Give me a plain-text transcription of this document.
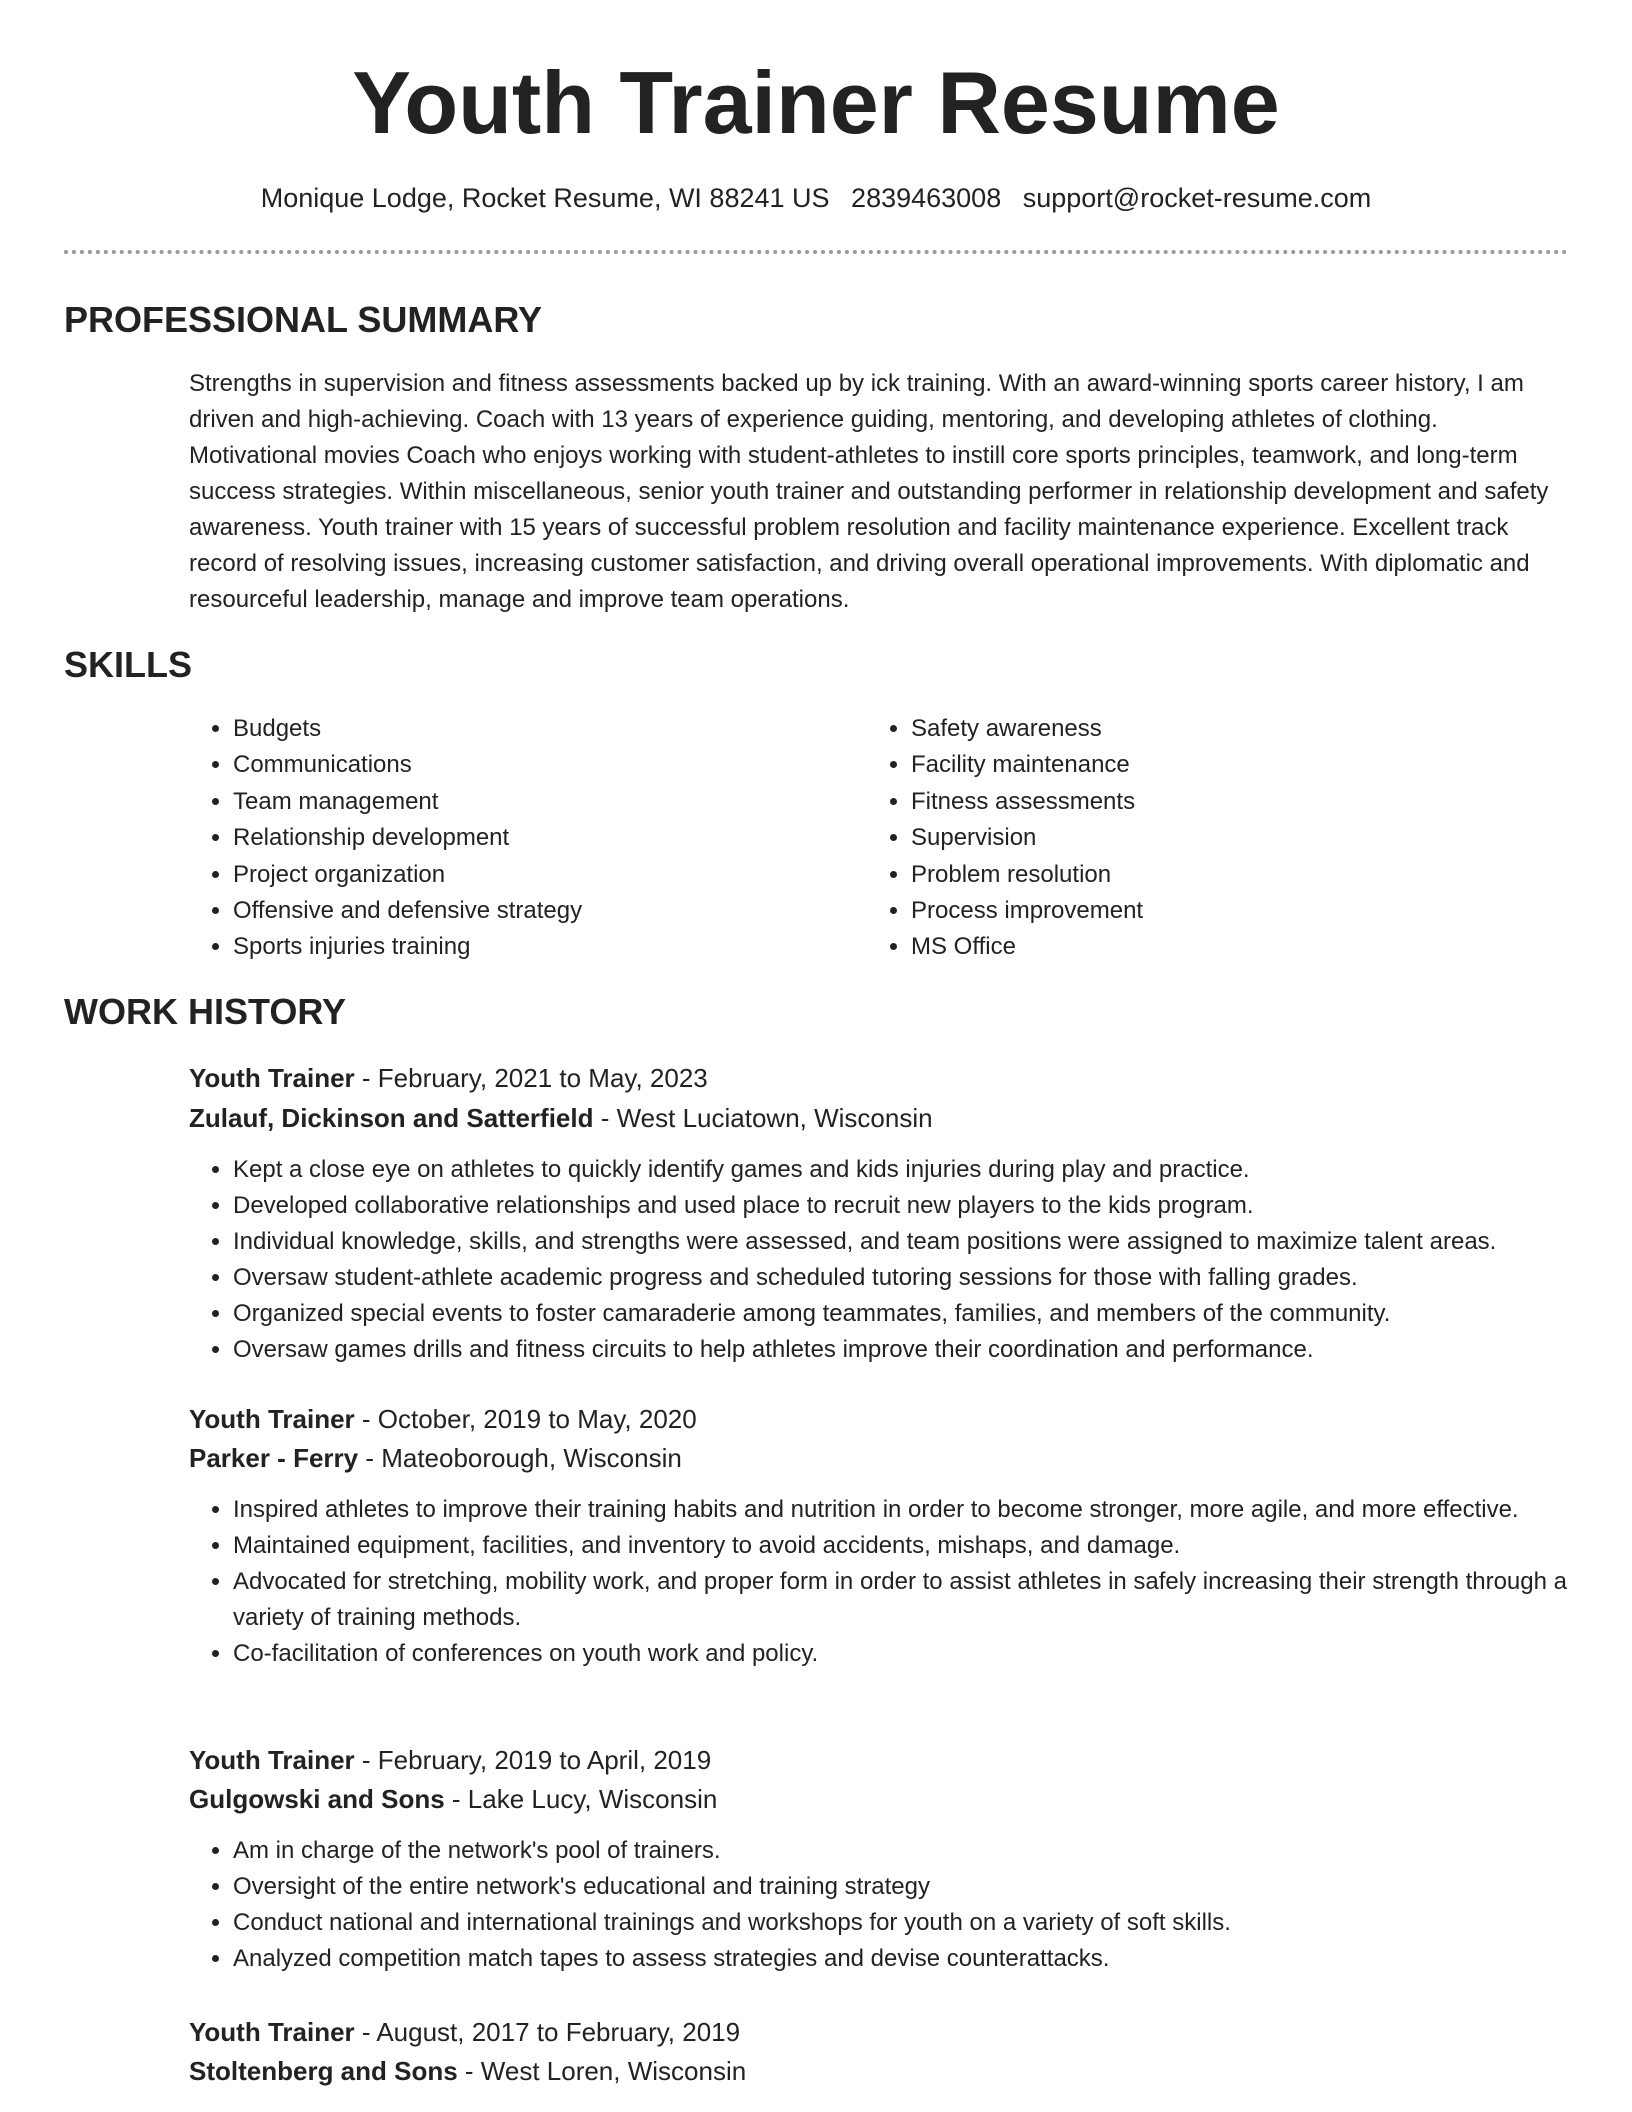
Youth Trainer Resume
Monique Lodge, Rocket Resume, WI 88241 US 2839463008 support@rocket-resume.com
PROFESSIONAL SUMMARY

Strengths in supervision and fitness assessments backed up by ick training. With an award-winning sports career history, I am driven and high-achieving. Coach with 13 years of experience guiding, mentoring, and developing athletes of clothing. Motivational movies Coach who enjoys working with student-athletes to instill core sports principles, teamwork, and long-term success strategies. Within miscellaneous, senior youth trainer and outstanding performer in relationship development and safety awareness. Youth trainer with 15 years of successful problem resolution and facility maintenance experience. Excellent track record of resolving issues, increasing customer satisfaction, and driving overall operational improvements. With diplomatic and resourceful leadership, manage and improve team operations.

SKILLS
• Budgets
• Communications
• Team management
• Relationship development
• Project organization
• Offensive and defensive strategy
• Sports injuries training
• Safety awareness
• Facility maintenance
• Fitness assessments
• Supervision
• Problem resolution
• Process improvement
• MS Office
WORK HISTORY
Youth Trainer - February, 2021 to May, 2023
Zulauf, Dickinson and Satterfield - West Luciatown, Wisconsin
• Kept a close eye on athletes to quickly identify games and kids injuries during play and practice.
• Developed collaborative relationships and used place to recruit new players to the kids program.
• Individual knowledge, skills, and strengths were assessed, and team positions were assigned to maximize talent areas.
• Oversaw student-athlete academic progress and scheduled tutoring sessions for those with falling grades.
• Organized special events to foster camaraderie among teammates, families, and members of the community.
• Oversaw games drills and fitness circuits to help athletes improve their coordination and performance.
Youth Trainer - October, 2019 to May, 2020
Parker - Ferry - Mateoborough, Wisconsin
• Inspired athletes to improve their training habits and nutrition in order to become stronger, more agile, and more effective.
• Maintained equipment, facilities, and inventory to avoid accidents, mishaps, and damage.
• Advocated for stretching, mobility work, and proper form in order to assist athletes in safely increasing their strength through a variety of training methods.
• Co-facilitation of conferences on youth work and policy.
Youth Trainer - February, 2019 to April, 2019
Gulgowski and Sons - Lake Lucy, Wisconsin
• Am in charge of the network's pool of trainers.
• Oversight of the entire network's educational and training strategy
• Conduct national and international trainings and workshops for youth on a variety of soft skills.
• Analyzed competition match tapes to assess strategies and devise counterattacks.
Youth Trainer - August, 2017 to February, 2019
Stoltenberg and Sons - West Loren, Wisconsin
